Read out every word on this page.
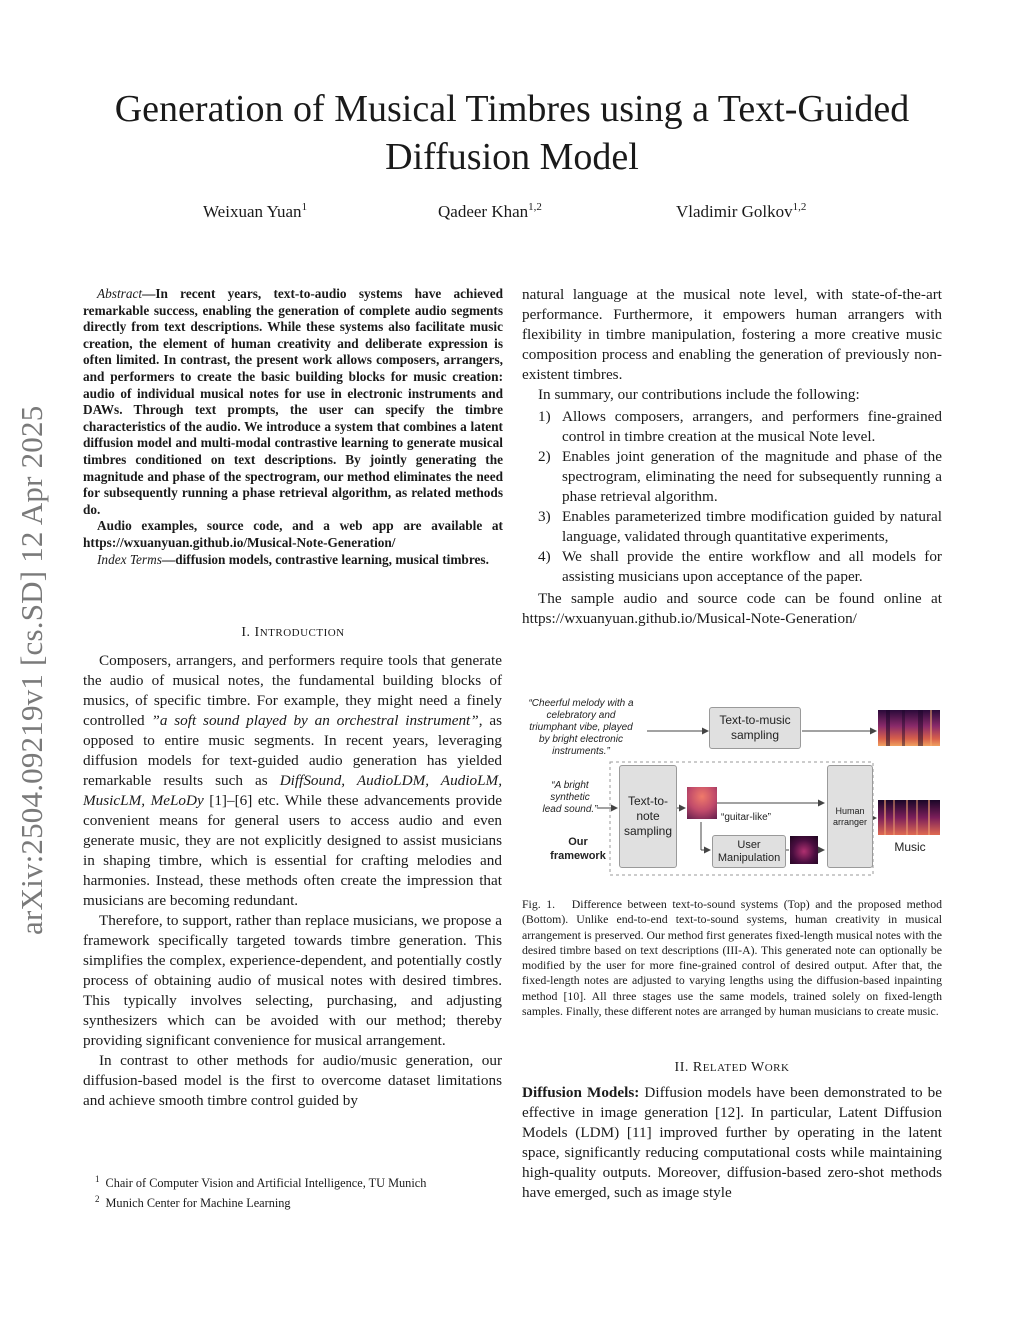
Generation of Musical Timbres using a Text-Guided
Diffusion Model
Weixuan Yuan$^1$	Qadeer Khan$^{1,2}$	Vladimir Golkov$^{1,2}$
arXiv:2504.09219v1 [cs.SD] 12 Apr 2025

Abstract—In recent years, text-to-audio systems have achieved remarkable success, enabling the generation of complete audio segments directly from text descriptions. While these systems also facilitate music creation, the element of human creativity and deliberate expression is often limited. In contrast, the present work allows composers, arrangers, and performers to create the basic building blocks for music creation: audio of individual musical notes for use in electronic instruments and DAWs. Through text prompts, the user can specify the timbre characteristics of the audio. We introduce a system that combines a latent diffusion model and multi-modal contrastive learning to generate musical timbres conditioned on text descriptions. By jointly generating the magnitude and phase of the spectrogram, our method eliminates the need for subsequently running a phase retrieval algorithm, as related methods do.

Audio examples, source code, and a web app are available at https://wxuanyuan.github.io/Musical-Note-Generation/

Index Terms—diffusion models, contrastive learning, musical timbres.

I. INTRODUCTION

Composers, arrangers, and performers require tools that generate the audio of musical notes, the fundamental building blocks of musics, of specific timbre. For example, they might need a finely controlled ”a soft sound played by an orchestral instrument”, as opposed to entire music segments. In recent years, leveraging diffusion models for text-guided audio generation has yielded remarkable results such as DiffSound, AudioLDM, AudioLM, MusicLM, MeLoDy [1]–[6] etc. While these advancements provide convenient means for general users to access audio and even generate music, they are not explicitly designed to assist musicians in shaping timbre, which is essential for crafting melodies and harmonies. Instead, these methods often create the impression that musicians are becoming redundant.

Therefore, to support, rather than replace musicians, we propose a framework specifically targeted towards timbre generation. This simplifies the complex, experience-dependent, and potentially costly process of obtaining audio of musical notes with desired timbres. This typically involves selecting, purchasing, and adjusting synthesizers which can be avoided with our method; thereby providing significant convenience for musical arrangement.

In contrast to other methods for audio/music generation, our diffusion-based model is the first to overcome dataset limitations and achieve smooth timbre control guided by

$^1$ Chair of Computer Vision and Artificial Intelligence, TU Munich
$^2$ Munich Center for Machine Learning

natural language at the musical note level, with state-of-the-art performance. Furthermore, it empowers human arrangers with flexibility in timbre manipulation, fostering a more creative music composition process and enabling the generation of previously non-existent timbres.

In summary, our contributions include the following:

1) Allows composers, arrangers, and performers fine-grained control in timbre creation at the musical Note level.
2) Enables joint generation of the magnitude and phase of the spectrogram, eliminating the need for subsequently running a phase retrieval algorithm.
3) Enables parameterized timbre modification guided by natural language, validated through quantitative experiments,
4) We shall provide the entire workflow and all models for assisting musicians upon acceptance of the paper.

The sample audio and source code can be found online at https://wxuanyuan.github.io/Musical-Note-Generation/

“Cheerful melody with a
celebratory and
triumphant vibe, played
by bright electronic
instruments.”
Text-to-music
sampling
“A bright
synthetic
lead sound.”
Our
framework
Text-to-
note
sampling
“guitar-like”
User
Manipulation
Human
arranger
Music
Fig. 1. Difference between text-to-sound systems (Top) and the proposed method (Bottom). Unlike end-to-end text-to-sound systems, human creativity in musical arrangement is preserved. Our method first generates fixed-length musical notes with the desired timbre based on text descriptions (III-A). This generated note can optionally be modified by the user for more fine-grained control of desired output. After that, the fixed-length notes are adjusted to varying lengths using the diffusion-based inpainting method [10]. All three stages use the same models, trained solely on fixed-length samples. Finally, these different notes are arranged by human musicians to create music.
II. RELATED WORK

Diffusion Models: Diffusion models have been demonstrated to be effective in image generation [12]. In particular, Latent Diffusion Models (LDM) [11] improved further by operating in the latent space, significantly reducing computational costs while maintaining high-quality outputs. Moreover, diffusion-based zero-shot methods have emerged, such as image style
